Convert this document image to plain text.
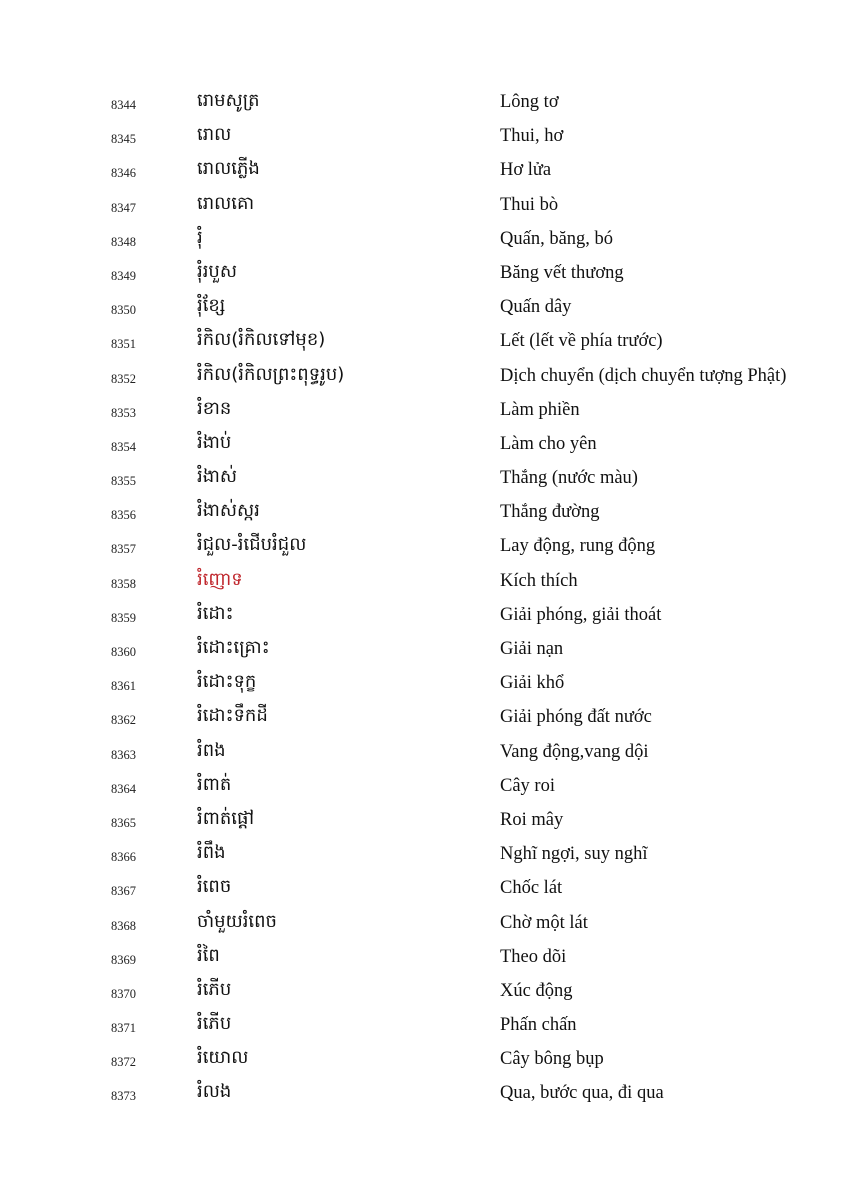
8344	រោមសូត្រ	Lông tơ
8345	រោល	Thui, hơ
8346	រោលភ្លើង	Hơ lửa
8347	រោលគោ	Thui bò
8348	រុំ	Quấn, băng, bó
8349	រុំរបួស	Băng vết thương
8350	រុំខ្សែ	Quấn dây
8351	រំកិល(រំកិលទៅមុខ)	Lết (lết về phía trước)
8352	រំកិល(រំកិលព្រះពុទ្ធរូប)	Dịch chuyển (dịch chuyển tượng Phật)
8353	រំខាន	Làm phiền
8354	រំងាប់	Làm cho yên
8355	រំងាស់	Thắng (nước màu)
8356	រំងាស់ស្ករ	Thắng đường
8357	រំជួល-រំជើបរំជួល	Lay động, rung động
8358	រំញោទ	Kích thích
8359	រំដោះ	Giải phóng, giải thoát
8360	រំដោះគ្រោះ	Giải nạn
8361	រំដោះទុក្ខ	Giải khổ
8362	រំដោះទឹកដី	Giải phóng đất nước
8363	រំពង	Vang động,vang dội
8364	រំពាត់	Cây roi
8365	រំពាត់ផ្ដៅ	Roi mây
8366	រំពឹង	Nghĩ ngợi, suy nghĩ
8367	រំពេច	Chốc lát
8368	ចាំមួយរំពេច	Chờ một lát
8369	រំពៃ	Theo dõi
8370	រំភើប	Xúc động
8371	រំភើប	Phấn chấn
8372	រំយោល	Cây bông bụp
8373	រំលង	Qua, bước qua, đi qua
